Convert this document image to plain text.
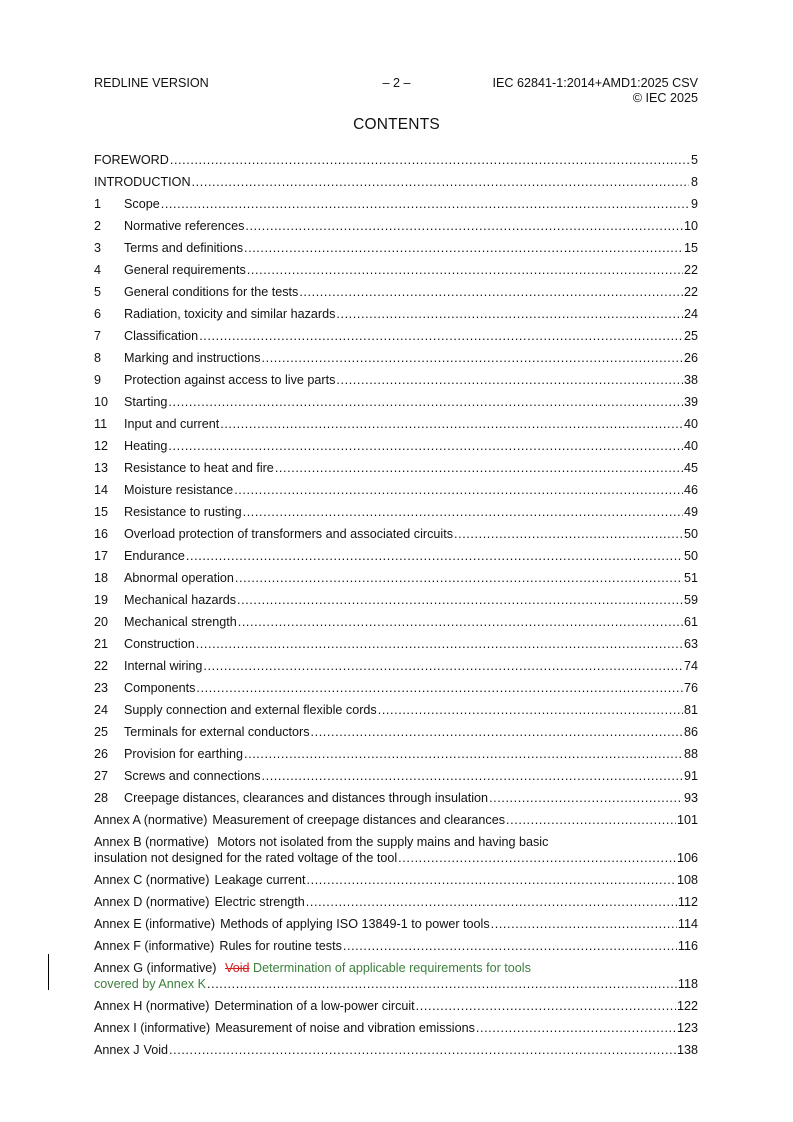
REDLINE VERSION	– 2 –	IEC 62841-1:2014+AMD1:2025 CSV
© IEC 2025
CONTENTS
FOREWORD .....	5
INTRODUCTION .....	8
1	Scope .....	9
2	Normative references .....	10
3	Terms and definitions .....	15
4	General requirements .....	22
5	General conditions for the tests .....	22
6	Radiation, toxicity and similar hazards .....	24
7	Classification .....	25
8	Marking and instructions .....	26
9	Protection against access to live parts .....	38
10	Starting .....	39
11	Input and current .....	40
12	Heating .....	40
13	Resistance to heat and fire .....	45
14	Moisture resistance .....	46
15	Resistance to rusting .....	49
16	Overload protection of transformers and associated circuits .....	50
17	Endurance .....	50
18	Abnormal operation .....	51
19	Mechanical hazards .....	59
20	Mechanical strength .....	61
21	Construction .....	63
22	Internal wiring .....	74
23	Components .....	76
24	Supply connection and external flexible cords .....	81
25	Terminals for external conductors .....	86
26	Provision for earthing .....	88
27	Screws and connections .....	91
28	Creepage distances, clearances and distances through insulation .....	93
Annex A (normative) Measurement of creepage distances and clearances .....	101
Annex B (normative) Motors not isolated from the supply mains and having basic
insulation not designed for the rated voltage of the tool .....	106
Annex C (normative) Leakage current .....	108
Annex D (normative) Electric strength .....	112
Annex E (informative) Methods of applying ISO 13849-1 to power tools .....	114
Annex F (informative) Rules for routine tests .....	116
Annex G (informative) Void Determination of applicable requirements for tools
covered by Annex K .....	118
Annex H (normative) Determination of a low-power circuit .....	122
Annex I (informative) Measurement of noise and vibration emissions .....	123
Annex J Void .....	138
